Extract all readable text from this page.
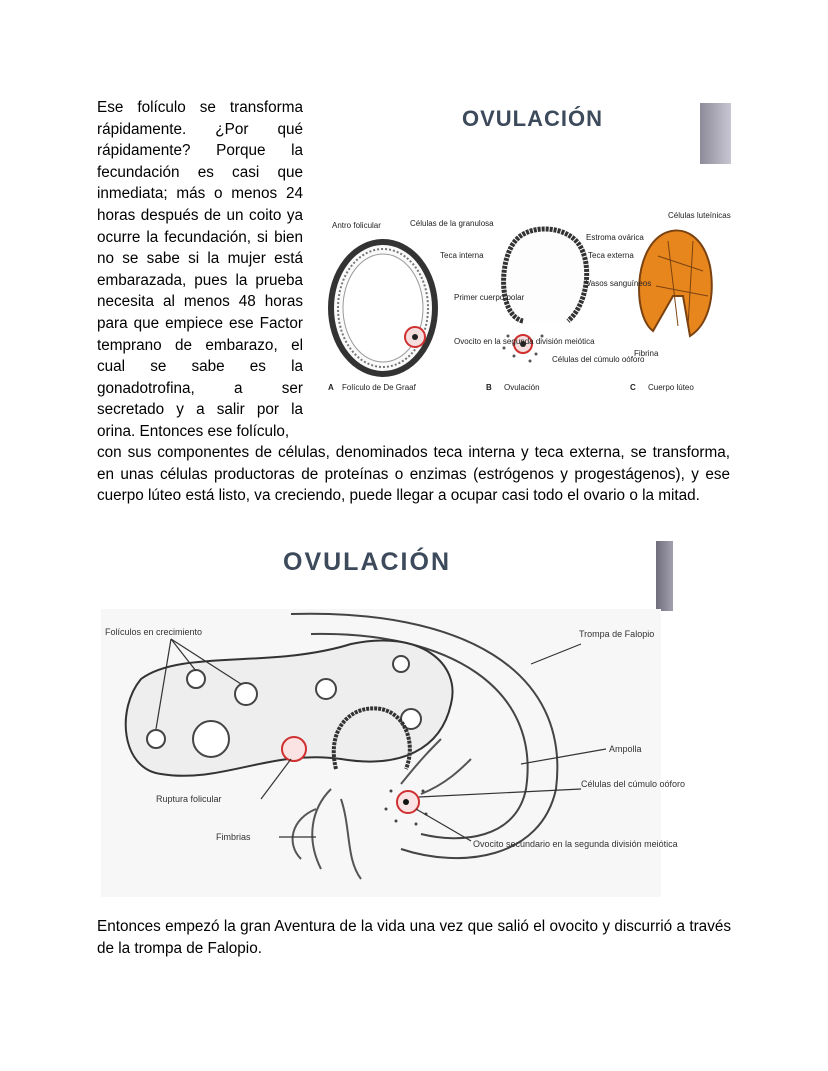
Ese folículo se transforma rápidamente. ¿Por qué rápidamente? Porque la fecundación es casi que inmediata; más o menos 24 horas después de un coito ya ocurre la fecundación, si bien no se sabe si la mujer está embarazada, pues la prueba necesita al menos 48 horas para que empiece ese Factor temprano de embarazo, el cual se sabe es la gonadotrofina, a ser secretado y a salir por la orina. Entonces ese folículo,

OVULACIÓN
Antro folicular	Células de la granulosa
Teca interna
Estroma ovárica
Teca externa
Vasos sanguíneos
Células luteínicas
Primer cuerpo polar
Ovocito en la segunda división meiótica
Células del cúmulo oóforo
Fibrina
A Folículo de De Graaf	B Ovulación	C Cuerpo lúteo

con sus componentes de células, denominados teca interna y teca externa, se transforma, en unas células productoras de proteínas o enzimas (estrógenos y progestágenos), y ese cuerpo lúteo está listo, va creciendo, puede llegar a ocupar casi todo el ovario o la mitad.

OVULACIÓN
Folículos en crecimiento	Trompa de Falopio
Ampolla
Células del cúmulo oóforo
Ruptura folicular
Fimbrias
Ovocito secundario en la segunda división meiótica

Entonces empezó la gran Aventura de la vida una vez que salió el ovocito y discurrió a través de la trompa de Falopio.
